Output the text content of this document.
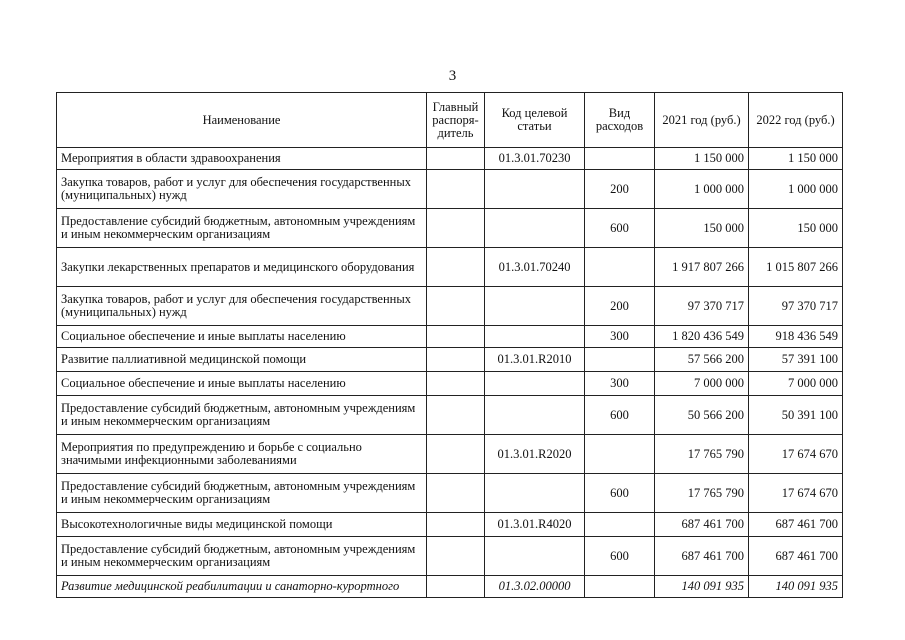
3
Наименование	Главный распоря-дитель	Код целевой статьи	Вид расходов	2021 год (руб.)	2022 год (руб.)
Мероприятия в области здравоохранения		01.3.01.70230		1 150 000	1 150 000
Закупка товаров, работ и услуг для обеспечения государственных (муниципальных) нужд			200	1 000 000	1 000 000
Предоставление субсидий бюджетным, автономным учреждениям и иным некоммерческим организациям			600	150 000	150 000
Закупки лекарственных препаратов и медицинского оборудования		01.3.01.70240		1 917 807 266	1 015 807 266
Закупка товаров, работ и услуг для обеспечения государственных (муниципальных) нужд			200	97 370 717	97 370 717
Социальное обеспечение и иные выплаты населению			300	1 820 436 549	918 436 549
Развитие паллиативной медицинской помощи		01.3.01.R2010		57 566 200	57 391 100
Социальное обеспечение и иные выплаты населению			300	7 000 000	7 000 000
Предоставление субсидий бюджетным, автономным учреждениям и иным некоммерческим организациям			600	50 566 200	50 391 100
Мероприятия по предупреждению и борьбе с социально значимыми инфекционными заболеваниями		01.3.01.R2020		17 765 790	17 674 670
Предоставление субсидий бюджетным, автономным учреждениям и иным некоммерческим организациям			600	17 765 790	17 674 670
Высокотехнологичные виды медицинской помощи		01.3.01.R4020		687 461 700	687 461 700
Предоставление субсидий бюджетным, автономным учреждениям и иным некоммерческим организациям			600	687 461 700	687 461 700
Развитие медицинской реабилитации и санаторно-курортного		01.3.02.00000		140 091 935	140 091 935
